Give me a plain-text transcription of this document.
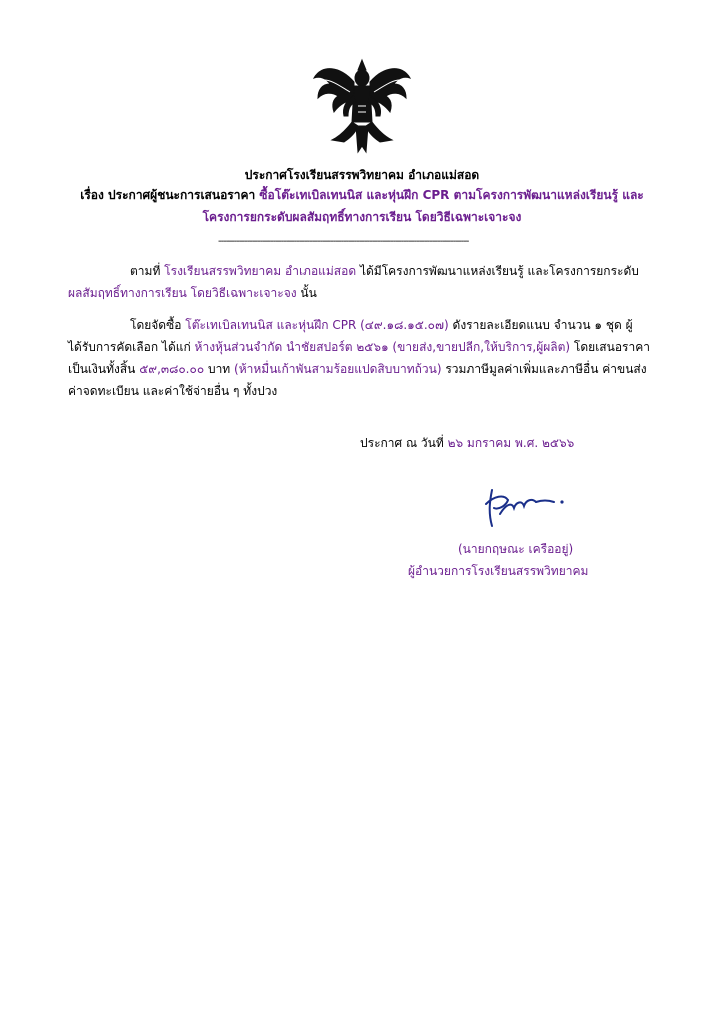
ประกาศโรงเรียนสรรพวิทยาคม อำเภอแม่สอด
เรื่อง ประกาศผู้ชนะการเสนอราคา ซื้อโต๊ะเทเบิลเทนนิส และหุ่นฝึก CPR ตามโครงการพัฒนาแหล่งเรียนรู้ และ
โครงการยกระดับผลสัมฤทธิ์ทางการเรียน โดยวิธีเฉพาะเจาะจง
------------------------------------------------------------------------------------------------
ตามที่ โรงเรียนสรรพวิทยาคม อำเภอแม่สอด ได้มีโครงการพัฒนาแหล่งเรียนรู้ และโครงการยกระดับ
ผลสัมฤทธิ์ทางการเรียน โดยวิธีเฉพาะเจาะจง นั้น
โดยจัดซื้อ โต๊ะเทเบิลเทนนิส และหุ่นฝึก CPR (๔๙.๑๘.๑๕.๐๗) ดังรายละเอียดแนบ จำนวน ๑ ชุด ผู้
ได้รับการคัดเลือก ได้แก่ ห้างหุ้นส่วนจำกัด นำชัยสปอร์ต ๒๕๖๑ (ขายส่ง,ขายปลีก,ให้บริการ,ผู้ผลิต) โดยเสนอราคา
เป็นเงินทั้งสิ้น ๕๙,๓๘๐.๐๐ บาท (ห้าหมื่นเก้าพันสามร้อยแปดสิบบาทถ้วน) รวมภาษีมูลค่าเพิ่มและภาษีอื่น ค่าขนส่ง
ค่าจดทะเบียน และค่าใช้จ่ายอื่น ๆ ทั้งปวง
ประกาศ ณ วันที่ ๒๖ มกราคม พ.ศ. ๒๕๖๖
(นายกฤษณะ เครืออยู่)
ผู้อำนวยการโรงเรียนสรรพวิทยาคม
